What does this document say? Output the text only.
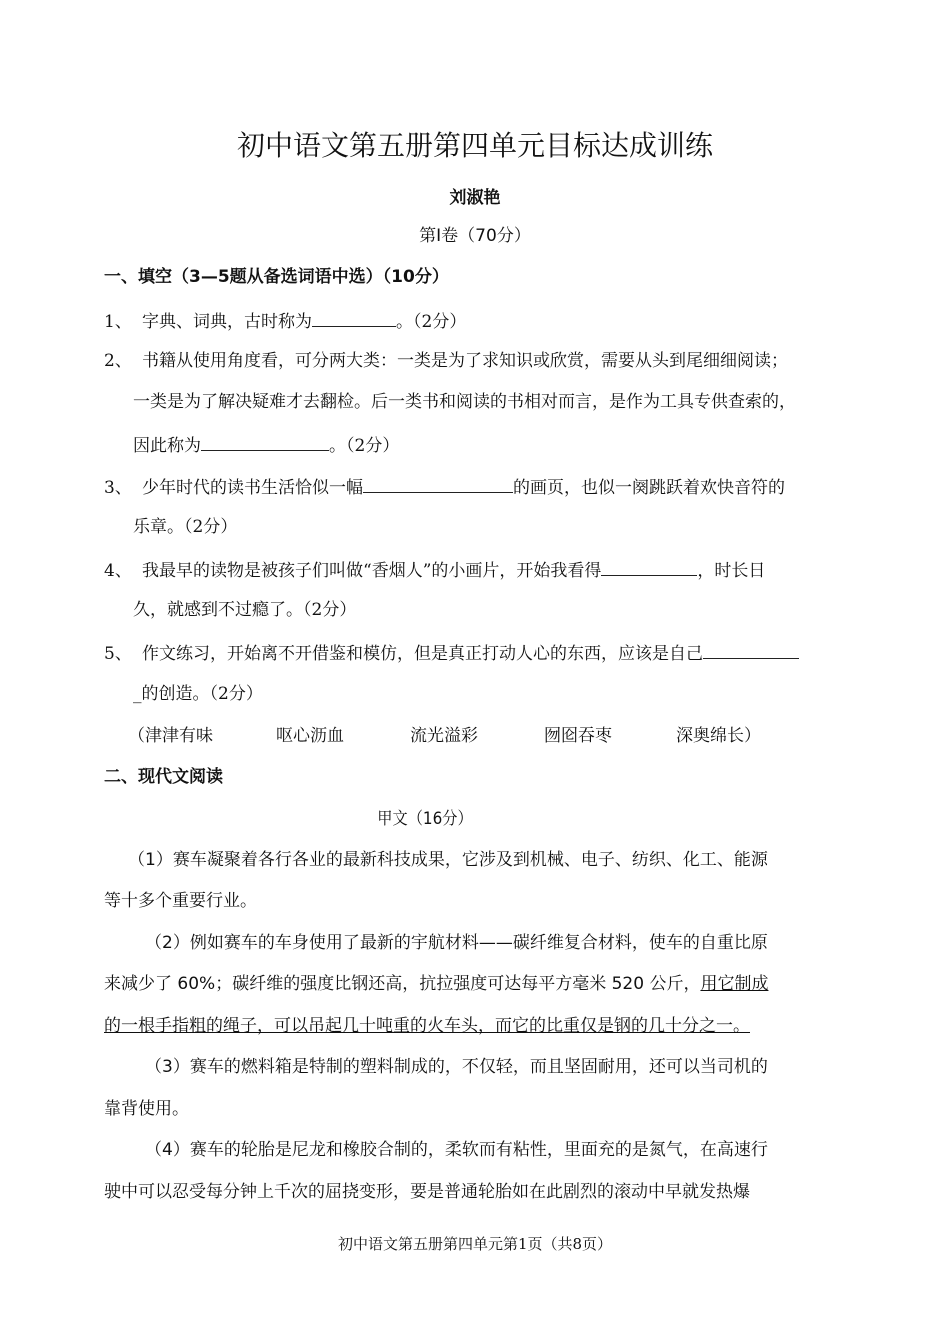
初中语文第五册第四单元目标达成训练
刘淑艳
第Ⅰ卷（70分）
一、填空（3—5题从备选词语中选）（10分）
1、 字典、词典，古时称为	。（2分）
2、 书籍从使用角度看，可分两大类：一类是为了求知识或欣赏，需要从头到尾细细阅读；
一类是为了解决疑难才去翻检。后一类书和阅读的书相对而言，是作为工具专供查索的，
因此称为	。（2分）
3、 少年时代的读书生活恰似一幅	的画页，也似一阕跳跃着欢快音符的
乐章。（2分）
4、 我最早的读物是被孩子们叫做“香烟人”的小画片，开始我看得	，时长日
久，就感到不过瘾了。（2分）
5、 作文练习，开始离不开借鉴和模仿，但是真正打动人心的东西，应该是自己
_的创造。（2分）
（津津有味	呕心沥血	流光溢彩	囫囵吞枣	深奥绵长）
二、现代文阅读
甲文（16分）
（1）赛车凝聚着各行各业的最新科技成果，它涉及到机械、电子、纺织、化工、能源
等十多个重要行业。
（2）例如赛车的车身使用了最新的宇航材料——碳纤维复合材料，使车的自重比原
来减少了 60%；碳纤维的强度比钢还高，抗拉强度可达每平方毫米 520 公斤，用它制成
的一根手指粗的绳子，可以吊起几十吨重的火车头，而它的比重仅是钢的几十分之一。
（3）赛车的燃料箱是特制的塑料制成的，不仅轻，而且坚固耐用，还可以当司机的
靠背使用。
（4）赛车的轮胎是尼龙和橡胶合制的，柔软而有粘性，里面充的是氮气，在高速行
驶中可以忍受每分钟上千次的屈挠变形，要是普通轮胎如在此剧烈的滚动中早就发热爆
初中语文第五册第四单元第1页（共8页）
